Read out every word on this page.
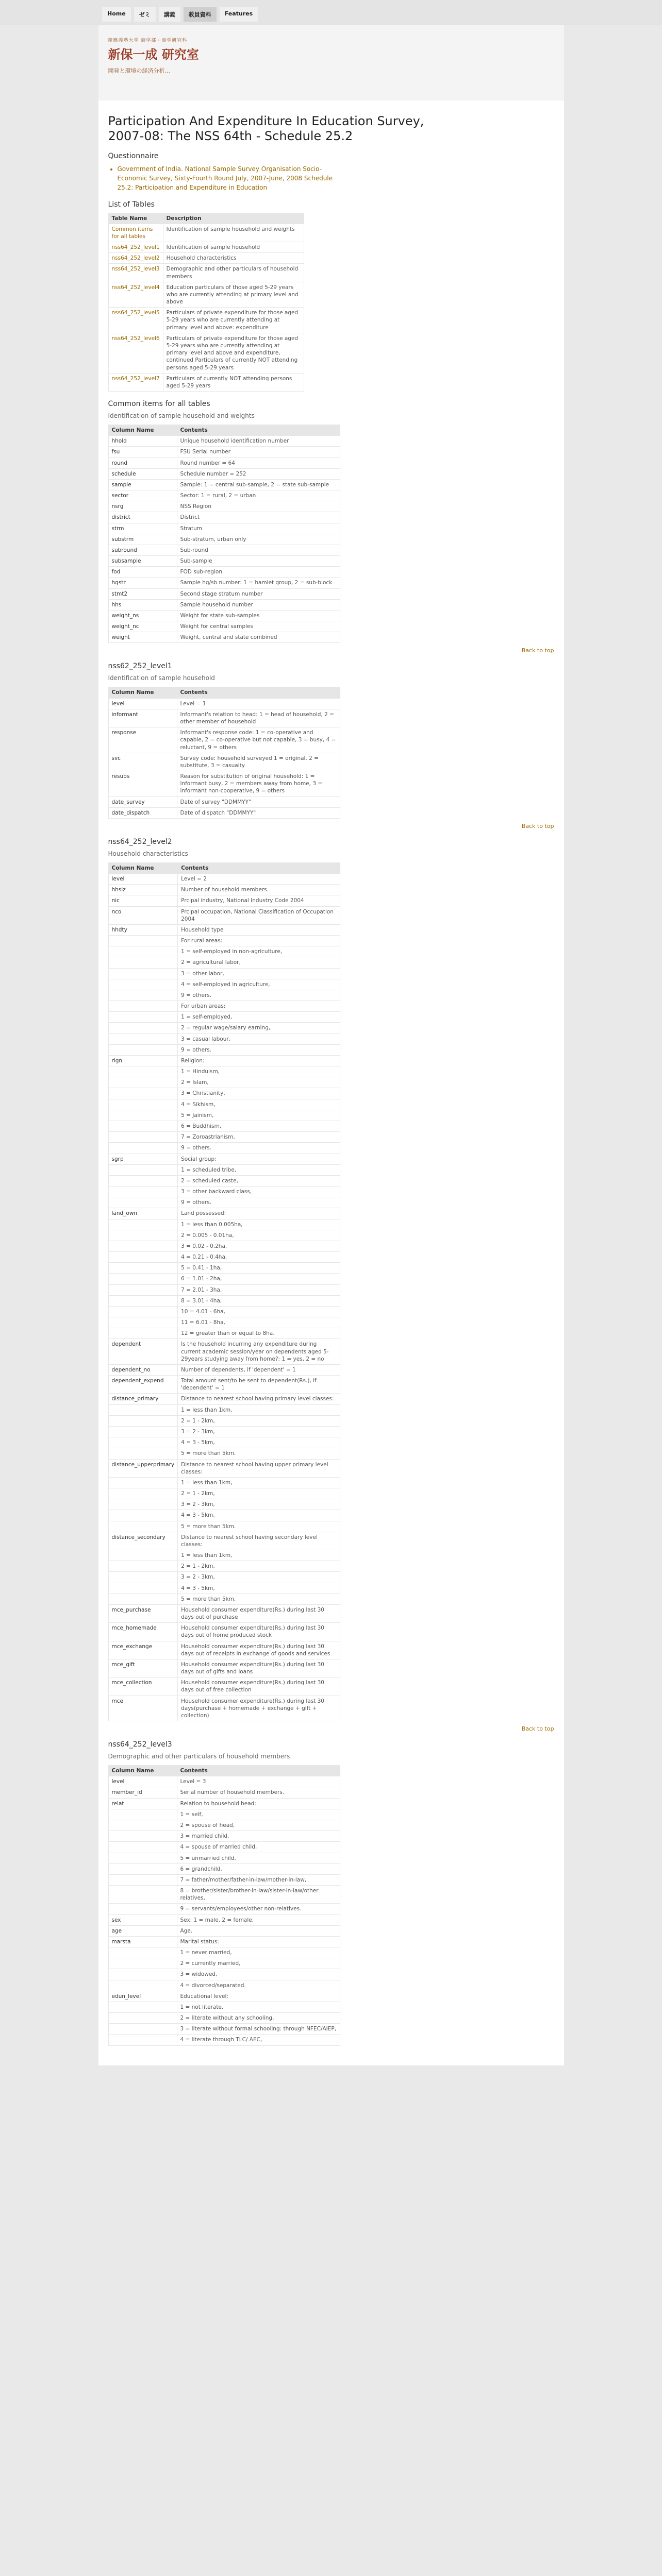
Home	ゼミ	講義	教員資料	Features
慶應義塾大学 商学部・商学研究科
新保一成 研究室
開発と環境の経済分析...
Participation And Expenditure In Education Survey, 2007-08: The NSS 64th - Schedule 25.2
Questionnaire
• Government of India. National Sample Survey Organisation Socio-Economic Survey, Sixty-Fourth Round July, 2007-June, 2008 Schedule 25.2: Participation and Expenditure in Education
List of Tables
Table Name	Description
Common items for all tables	Identification of sample household and weights
nss64_252_level1	Identification of sample household
nss64_252_level2	Household characteristics
nss64_252_level3	Demographic and other particulars of household members
nss64_252_level4	Education particulars of those aged 5-29 years who are currently attending at primary level and above
nss64_252_level5	Particulars of private expenditure for those aged 5-29 years who are currently attending at primary level and above: expenditure
nss64_252_level6	Particulars of private expenditure for those aged 5-29 years who are currently attending at primary level and above and expenditure, continued Particulars of currently NOT attending persons aged 5-29 years
nss64_252_level7	Particulars of currently NOT attending persons aged 5-29 years
Common items for all tables

Identification of sample household and weights

Column Name	Contents
hhold	Unique household identification number
fsu	FSU Serial number
round	Round number = 64
schedule	Schedule number = 252
sample	Sample: 1 = central sub-sample, 2 = state sub-sample
sector	Sector: 1 = rural, 2 = urban
nsrg	NSS Region
district	District
strm	Stratum
substrm	Sub-stratum, urban only
subround	Sub-round
subsample	Sub-sample
fod	FOD sub-region
hgstr	Sample hg/sb number: 1 = hamlet group, 2 = sub-block
stmt2	Second stage stratum number
hhs	Sample household number
weight_ns	Weight for state sub-samples
weight_nc	Weight for central samples
weight	Weight, central and state combined
Back to top
nss62_252_level1

Identification of sample household

Column Name	Contents
level	Level = 1
informant	Informant's relation to head: 1 = head of household, 2 = other member of household
response	Informant's response code: 1 = co-operative and capable, 2 = co-operative but not capable, 3 = busy, 4 = reluctant, 9 = others
svc	Survey code: household surveyed 1 = original, 2 = substitute, 3 = casualty
resubs	Reason for substitution of original household: 1 = informant busy, 2 = members away from home, 3 = informant non-cooperative, 9 = others
date_survey	Date of survey "DDMMYY"
date_dispatch	Date of dispatch "DDMMYY"
Back to top
nss64_252_level2

Household characteristics

Column Name	Contents
level	Level = 2
hhsiz	Number of household members.
nic	Prcipal industry, National Industry Code 2004
nco	Prcipal occupation, National Classification of Occupation 2004
hhdty	Household type
	For rural areas:
	1 = self-employed in non-agriculture,
	2 = agricultural labor,
	3 = other labor,
	4 = self-employed in agriculture,
	9 = others.
	For urban areas:
	1 = self-employed,
	2 = regular wage/salary earning,
	3 = casual labour,
	9 = others.
rlgn	Religion:
	1 = Hinduism,
	2 = Islam,
	3 = Christianity,
	4 = Sikhism,
	5 = Jainism,
	6 = Buddhism,
	7 = Zoroastrianism,
	9 = others.
sgrp	Social group:
	1 = scheduled tribe,
	2 = scheduled caste,
	3 = other backward class,
	9 = others.
land_own	Land possessed:
	1 = less than 0.005ha,
	2 = 0.005 - 0.01ha,
	3 = 0.02 - 0.2ha,
	4 = 0.21 - 0.4ha,
	5 = 0.41 - 1ha,
	6 = 1.01 - 2ha,
	7 = 2.01 - 3ha,
	8 = 3.01 - 4ha,
	10 = 4.01 - 6ha,
	11 = 6.01 - 8ha,
	12 = greater than or equal to 8ha.
dependent	Is the household incurring any expenditure during current academic session/year on dependents aged 5-29years studying away from home?: 1 = yes, 2 = no
dependent_no	Number of dependents, if 'dependent' = 1
dependent_expend	Total amount sent/to be sent to dependent(Rs.), if 'dependent' = 1
distance_primary	Distance to nearest school having primary level classes:
	1 = less than 1km,
	2 = 1 - 2km,
	3 = 2 - 3km,
	4 = 3 - 5km,
	5 = more than 5km.
distance_upperprimary	Distance to nearest school having upper primary level classes:
	1 = less than 1km,
	2 = 1 - 2km,
	3 = 2 - 3km,
	4 = 3 - 5km,
	5 = more than 5km.
distance_secondary	Distance to nearest school having secondary level classes:
	1 = less than 1km,
	2 = 1 - 2km,
	3 = 2 - 3km,
	4 = 3 - 5km,
	5 = more than 5km.
mce_purchase	Household consumer expenditure(Rs.) during last 30 days out of purchase
mce_homemade	Household consumer expenditure(Rs.) during last 30 days out of home produced stock
mce_exchange	Household consumer expenditure(Rs.) during last 30 days out of receipts in exchange of goods and services
mce_gift	Household consumer expenditure(Rs.) during last 30 days out of gifts and loans
mce_collection	Household consumer expenditure(Rs.) during last 30 days out of free collection
mce	Household consumer expenditure(Rs.) during last 30 days(purchase + homemade + exchange + gift + collection)
Back to top
nss64_252_level3

Demographic and other particulars of household members

Column Name	Contents
level	Level = 3
member_id	Serial number of household members.
relat	Relation to household head:
	1 = self,
	2 = spouse of head,
	3 = married child,
	4 = spouse of married child,
	5 = unmarried child,
	6 = grandchild,
	7 = father/mother/father-in-law/mother-in-law,
	8 = brother/sister/brother-in-law/sister-in-law/other relatives,
	9 = servants/employees/other non-relatives.
sex	Sex: 1 = male, 2 = female.
age	Age.
marsta	Marital status:
	1 = never married,
	2 = currently married,
	3 = widowed,
	4 = divorced/separated.
edun_level	Educational level:
	1 = not literate,
	2 = literate without any schooling,
	3 = literate without formal schooling: through NFEC/AIEP,
	4 = literate through TLC/ AEC,
